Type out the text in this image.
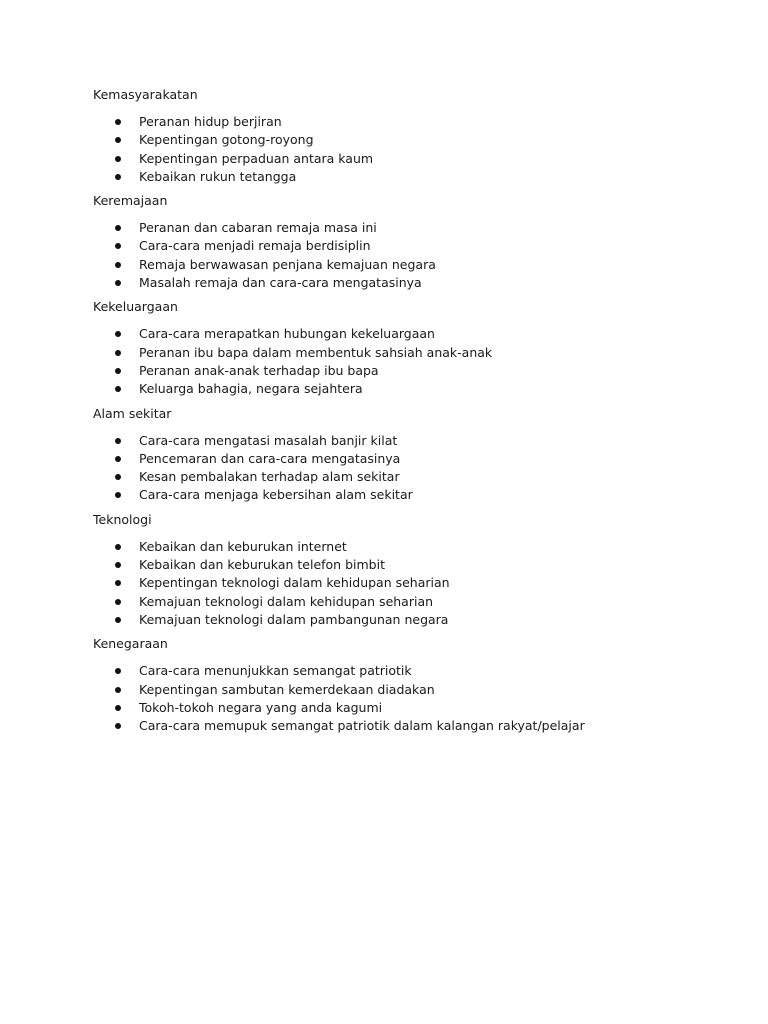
Kemasyarakatan
Peranan hidup berjiran
Kepentingan gotong-royong
Kepentingan perpaduan antara kaum
Kebaikan rukun tetangga
Keremajaan
Peranan dan cabaran remaja masa ini
Cara-cara menjadi remaja berdisiplin
Remaja berwawasan penjana kemajuan negara
Masalah remaja dan cara-cara mengatasinya
Kekeluargaan
Cara-cara merapatkan hubungan kekeluargaan
Peranan ibu bapa dalam membentuk sahsiah anak-anak
Peranan anak-anak terhadap ibu bapa
Keluarga bahagia, negara sejahtera
Alam sekitar
Cara-cara mengatasi masalah banjir kilat
Pencemaran dan cara-cara mengatasinya
Kesan pembalakan terhadap alam sekitar
Cara-cara menjaga kebersihan alam sekitar
Teknologi
Kebaikan dan keburukan internet
Kebaikan dan keburukan telefon bimbit
Kepentingan teknologi dalam kehidupan seharian
Kemajuan teknologi dalam kehidupan seharian
Kemajuan teknologi dalam pambangunan negara
Kenegaraan
Cara-cara menunjukkan semangat patriotik
Kepentingan sambutan kemerdekaan diadakan
Tokoh-tokoh negara yang anda kagumi
Cara-cara memupuk semangat patriotik dalam kalangan rakyat/pelajar
